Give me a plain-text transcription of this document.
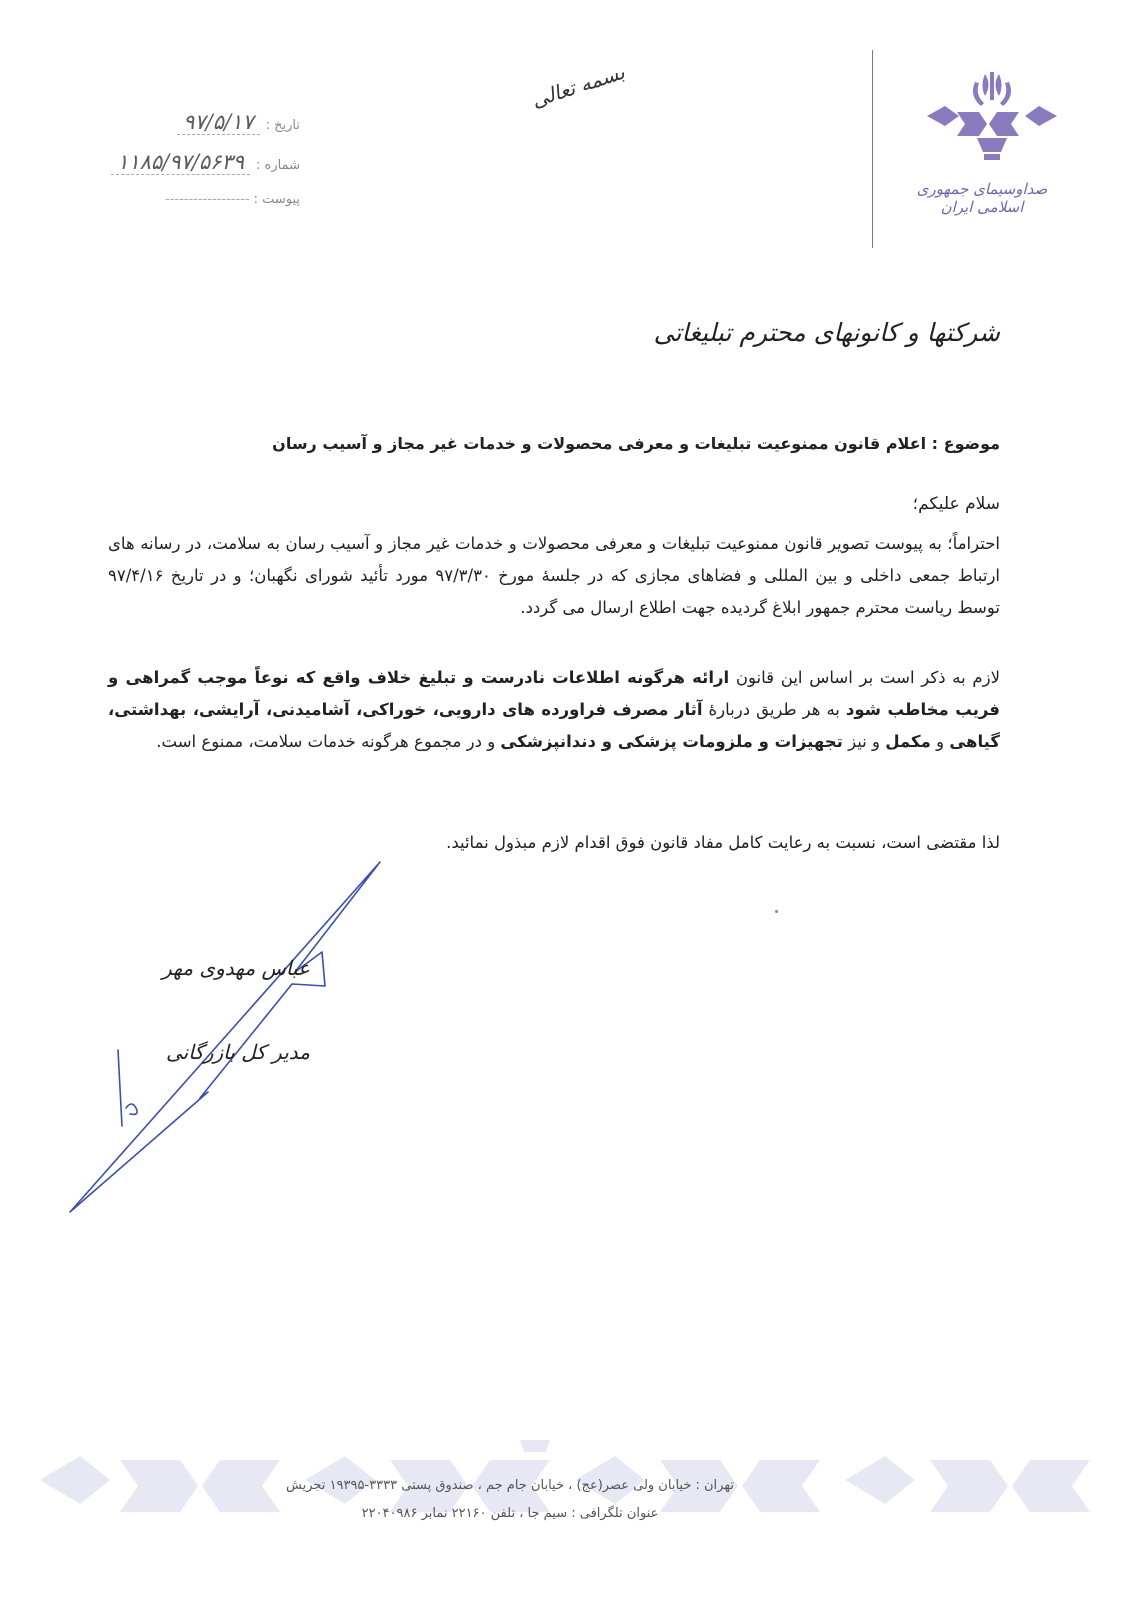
صداوسیمای جمهوری اسلامی ایران
بسمه تعالی
تاریخ :
۹۷/۵/۱۷
شماره :
۱۱۸۵/۹۷/۵۶۳۹
پیوست :
------------------
شرکتها و کانونهای محترم تبلیغاتی
موضوع : اعلام قانون ممنوعیت تبلیغات و معرفی محصولات و خدمات غیر مجاز و آسیب رسان
سلام علیکم؛
احتراماً؛ به پیوست تصویر قانون ممنوعیت تبلیغات و معرفی محصولات و خدمات غیر مجاز و آسیب رسان به سلامت، در رسانه های ارتباط جمعی داخلی و بین المللی و فضاهای مجازی که در جلسهٔ مورخ ۹۷/۳/۳۰ مورد تأئید شورای نگهبان؛ و در تاریخ ۹۷/۴/۱۶ توسط ریاست محترم جمهور ابلاغ گردیده جهت اطلاع ارسال می گردد.
لازم به ذکر است بر اساس این قانون ارائه هرگونه اطلاعات نادرست و تبلیغ خلاف واقع که نوعاً موجب گمراهی و فریب مخاطب شود به هر طریق دربارهٔ آثار مصرف فراورده های دارویی، خوراکی، آشامیدنی، آرایشی، بهداشتی، گیاهی و مکمل و نیز تجهیزات و ملزومات پزشکی و دندانپزشکی و در مجموع هرگونه خدمات سلامت، ممنوع است.
لذا مقتضی است، نسبت به رعایت کامل مفاد قانون فوق اقدام لازم مبذول نمائید.
عباس مهدوی مهر
مدیر کل بازرگانی
تهران : خیابان ولی عصر(عج) ، خیابان جام جم ، صندوق پستی ۳۳۳۳-۱۹۳۹۵ تجریش
عنوان تلگرافی : سیم جا ، تلفن ۲۲۱۶۰ نمابر ۲۲۰۴۰۹۸۶
